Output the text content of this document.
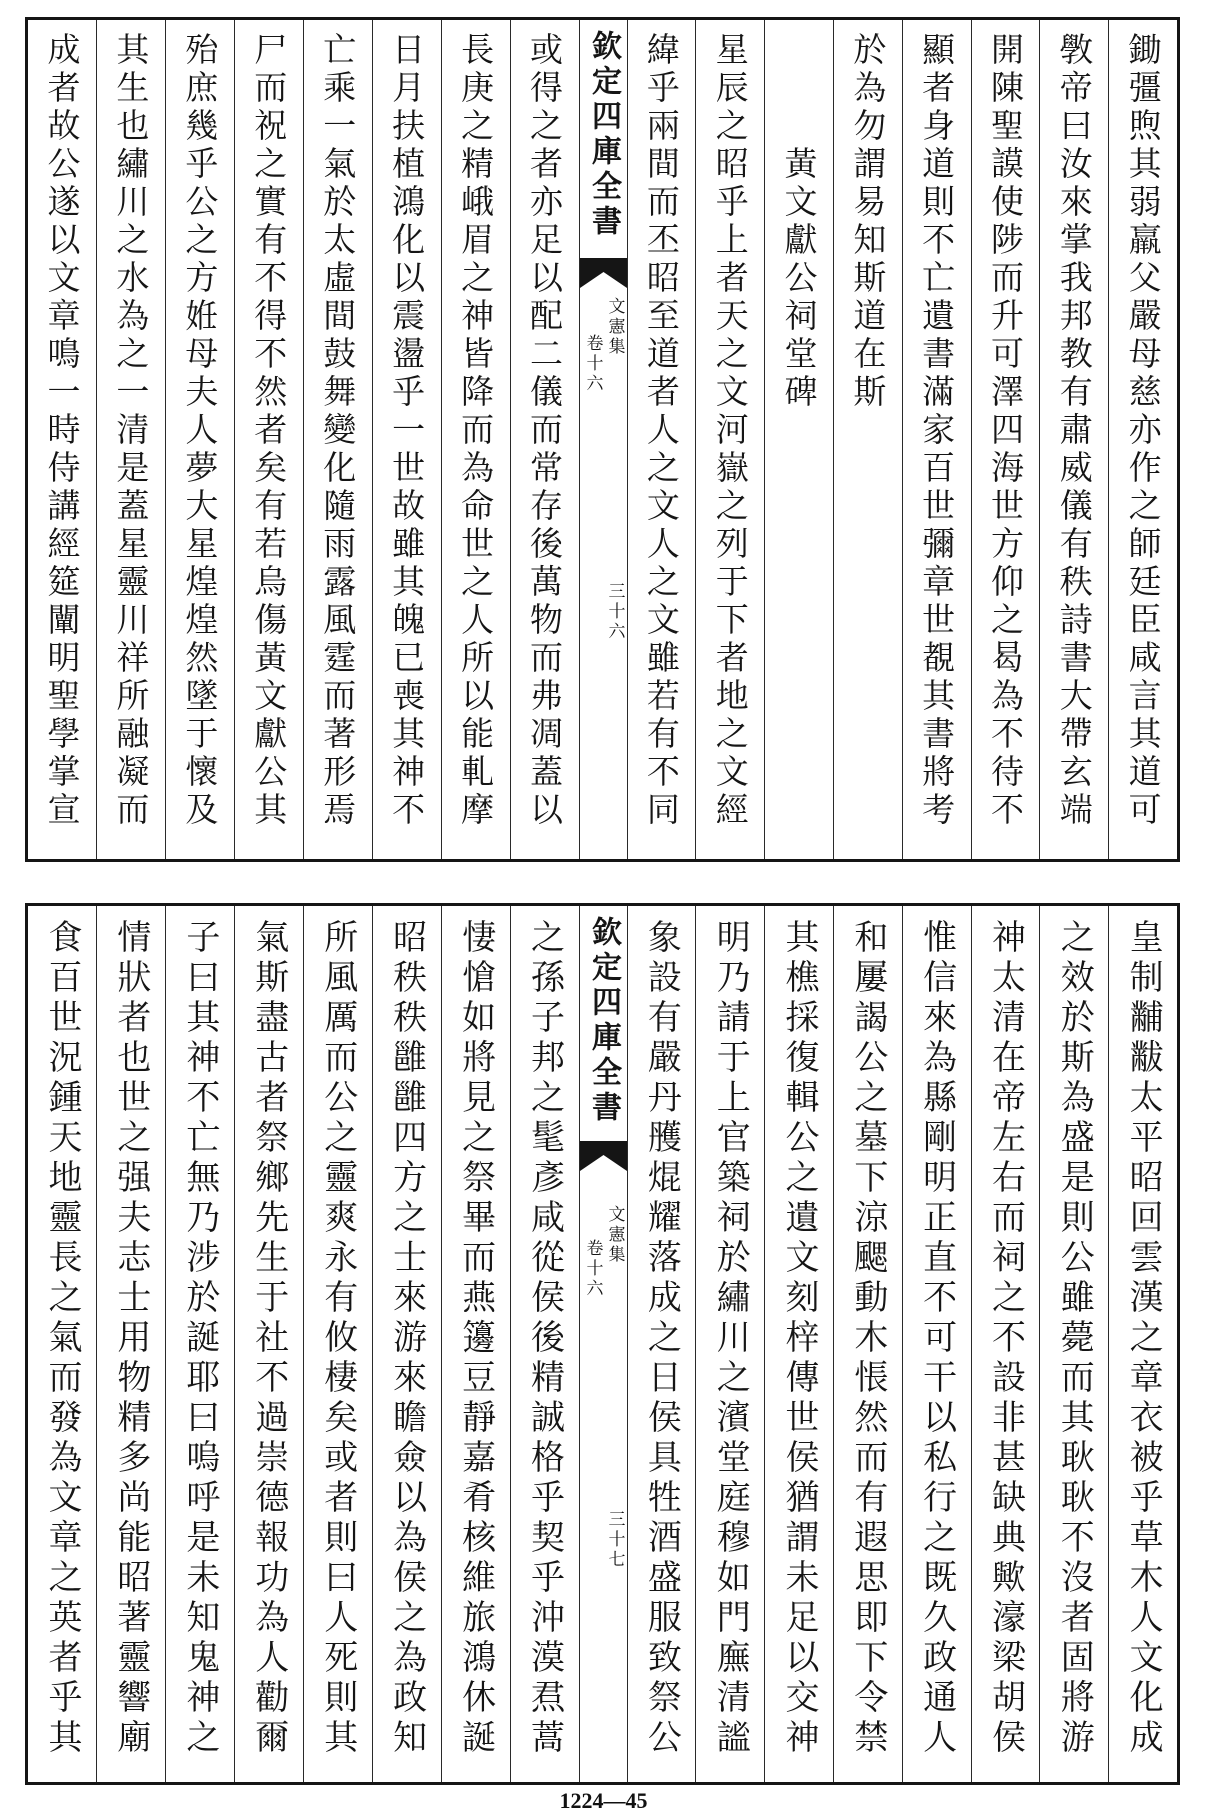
鋤彊煦其弱羸父嚴母慈亦作之師廷臣咸言其道可
斆帝曰汝來掌我邦教有肅威儀有秩詩書大帶玄端
開陳聖謨使陟而升可澤四海世方仰之曷為不待不
顯者身道則不亡遺書滿家百世彌章世覩其書將考
於為勿謂易知斯道在斯
黃文獻公祠堂碑
星辰之昭乎上者天之文河嶽之列于下者地之文經
緯乎兩間而丕昭至道者人之文人之文雖若有不同
欽定四庫全書
文憲集
卷十六
三十六
或得之者亦足以配二儀而常存後萬物而弗凋蓋以
長庚之精峨眉之神皆降而為命世之人所以能軋摩
日月扶植鴻化以震盪乎一世故雖其魄已喪其神不
亡乘一氣於太虛間鼓舞變化隨雨露風霆而著形焉
尸而祝之實有不得不然者矣有若烏傷黃文獻公其
殆庶幾乎公之方姙母夫人夢大星煌煌然墜于懷及
其生也繡川之水為之一清是蓋星靈川祥所融凝而
成者故公遂以文章鳴一時侍講經筵闡明聖學掌宣
皇制黼黻太平昭回雲漢之章衣被乎草木人文化成
之效於斯為盛是則公雖薨而其耿耿不沒者固將游
神太清在帝左右而祠之不設非甚缺典歟濠梁胡侯
惟信來為縣剛明正直不可干以私行之既久政通人
和屢謁公之墓下涼颸動木悵然而有遐思即下令禁
其樵採復輯公之遺文刻梓傳世侯猶謂未足以交神
明乃請于上官築祠於繡川之濱堂庭穆如門廡清謐
象設有嚴丹雘焜耀落成之日侯具牲酒盛服致祭公
欽定四庫全書
文憲集
卷十六
三十七
之孫子邦之髦彥咸從侯後精誠格乎契乎沖漠焄蒿
悽愴如將見之祭畢而燕籩豆靜嘉肴核維旅鴻休誕
昭秩秩雝雝四方之士來游來瞻僉以為侯之為政知
所風厲而公之靈爽永有攸棲矣或者則曰人死則其
氣斯盡古者祭鄉先生于社不過崇德報功為人勸爾
子曰其神不亡無乃涉於誕耶曰嗚呼是未知鬼神之
情狀者也世之强夫志士用物精多尚能昭著靈響廟
食百世況鍾天地靈長之氣而發為文章之英者乎其
1224—45
